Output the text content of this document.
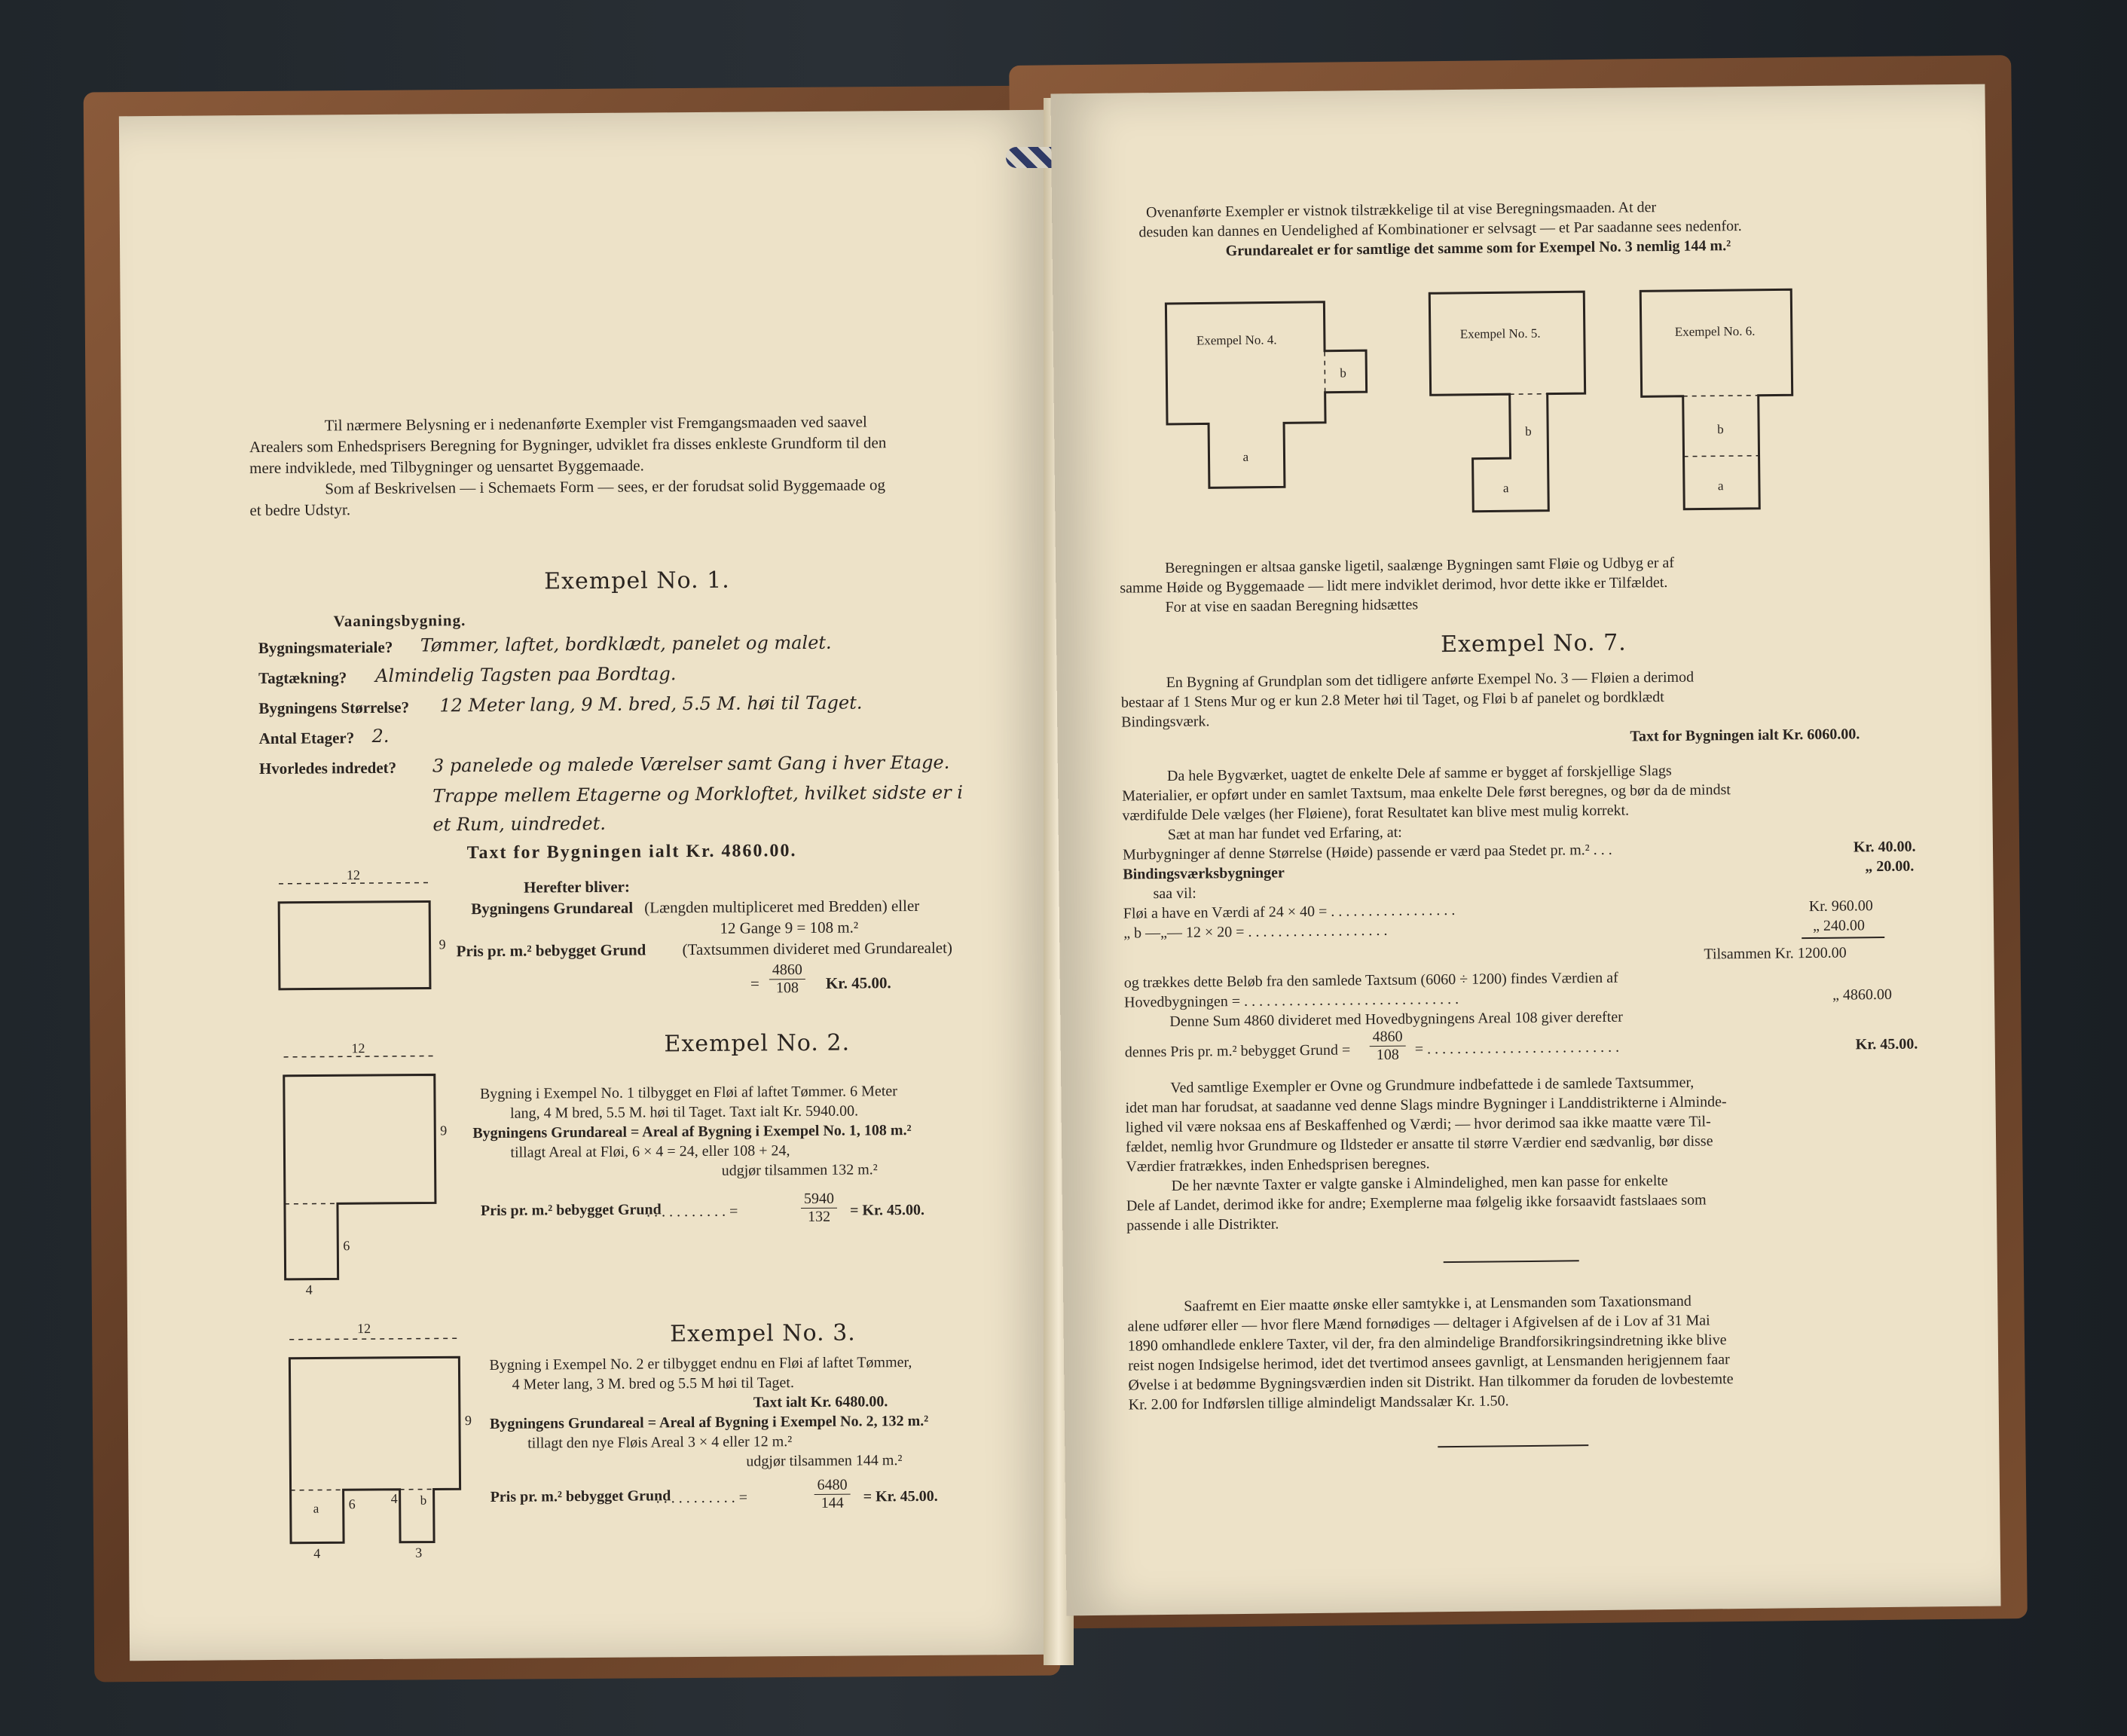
Til nærmere Belysning er i nedenanførte Exempler vist Fremgangsmaaden ved saavel

Arealers som Enhedsprisers Beregning for Bygninger, udviklet fra disses enkleste Grundform til den

mere indviklede, med Tilbygninger og uensartet Byggemaade.

Som af Beskrivelsen — i Schemaets Form — sees, er der forudsat solid Byggemaade og

et bedre Udstyr.

Exempel No. 1.

Vaaningsbygning.

Bygningsmateriale? Tømmer, laftet, bordklædt, panelet og malet.

Tagtækning? Almindelig Tagsten paa Bordtag.

Bygningens Størrelse? 12 Meter lang, 9 M. bred, 5.5 M. høi til Taget.

Antal Etager? 2.

Hvorledes indredet? 3 panelede og malede Værelser samt Gang i hver Etage.

Trappe mellem Etagerne og Morkloftet, hvilket sidste er i

et Rum, uindredet.

Taxt for Bygningen ialt Kr. 4860.00.

12
9

Herefter bliver:

Bygningens Grundareal (Længden multipliceret med Bredden) eller

12 Gange 9 = 108 m.²

Pris pr. m.² bebygget Grund (Taxtsummen divideret med Grundarealet)

= $\frac{4860}{108} Kr$. 45.00.

Exempel No. 2.

12
9
6
4

Bygning i Exempel No. 1 tilbygget en Fløi af laftet Tømmer. 6 Meter

lang, 4 M bred, 5.5 M. høi til Taget. Taxt ialt Kr. 5940.00.

Bygningens Grundareal = Areal af Bygning i Exempel No. 1, 108 m.²

tillagt Areal at Fløi, 6 × 4 = 24, eller 108 + 24,

udgjør tilsammen 132 m.²

Pris pr. m.² bebygget Grund

. . . . . . . . . . . =	$\frac{5940}{132} = Kr$. 45.00.

Exempel No. 3.

12
9
6	4
4	3
a
b

Bygning i Exempel No. 2 er tilbygget endnu en Fløi af laftet Tømmer,

4 Meter lang, 3 M. bred og 5.5 M høi til Taget.

Taxt ialt Kr. 6480.00.

Bygningens Grundareal = Areal af Bygning i Exempel No. 2, 132 m.²

tillagt den nye Fløis Areal 3 × 4 eller 12 m.²

udgjør tilsammen 144 m.²

Pris pr. m.² bebygget Grund

. . . . . . . . . . . =	$\frac{6480}{144} = Kr$. 45.00.

Ovenanførte Exempler er vistnok tilstrækkelige til at vise Beregningsmaaden. At der

desuden kan dannes en Uendelighed af Kombinationer er selvsagt — et Par saadanne sees nedenfor.

Grundarealet er for samtlige det samme som for Exempel No. 3 nemlig 144 m.²

Exempel No. 4.
b
a
Exempel No. 5.
b
a
Exempel No. 6.
b
a

Beregningen er altsaa ganske ligetil, saalænge Bygningen samt Fløie og Udbyg er af

samme Høide og Byggemaade — lidt mere indviklet derimod, hvor dette ikke er Tilfældet.

For at vise en saadan Beregning hidsættes

Exempel No. 7.

En Bygning af Grundplan som det tidligere anførte Exempel No. 3 — Fløien a derimod

bestaar af 1 Stens Mur og er kun 2.8 Meter høi til Taget, og Fløi b af panelet og bordklædt

Bindingsværk.

Taxt for Bygningen ialt Kr. 6060.00.

Da hele Bygværket, uagtet de enkelte Dele af samme er bygget af forskjellige Slags

Materialier, er opført under en samlet Taxtsum, maa enkelte Dele først beregnes, og bør da de mindst

værdifulde Dele vælges (her Fløiene), forat Resultatet kan blive mest mulig korrekt.

Sæt at man har fundet ved Erfaring, at:

Murbygninger af denne Størrelse (Høide) passende er værd paa Stedet pr. m.² . . .	Kr. 40.00.

Bindingsværksbygninger	„ 20.00.

saa vil:

Fløi a have en Værdi af 24 × 40 = . . . . . . . . . . . . . . . . .	Kr. 960.00

„ b —„— 12 × 20 = . . . . . . . . . . . . . . . . . . .	„ 240.00

Tilsammen Kr. 1200.00

og trækkes dette Beløb fra den samlede Taxtsum (6060 ÷ 1200) findes Værdien af

Hovedbygningen = . . . . . . . . . . . . . . . . . . . . . . . . . . . . .	„ 4860.00

Denne Sum 4860 divideret med Hovedbygningens Areal 108 giver derefter

dennes Pris pr. m.² bebygget Grund = $\frac{4860}{108}$ = . . . . . . . . . . . . . . . . . . . . . . . . . .	Kr. 45.00.

Ved samtlige Exempler er Ovne og Grundmure indbefattede i de samlede Taxtsummer,

idet man har forudsat, at saadanne ved denne Slags mindre Bygninger i Landdistrikterne i Alminde-

lighed vil være noksaa ens af Beskaffenhed og Værdi; — hvor derimod saa ikke maatte være Til-

fældet, nemlig hvor Grundmure og Ildsteder er ansatte til større Værdier end sædvanlig, bør disse

Værdier fratrækkes, inden Enhedsprisen beregnes.

De her nævnte Taxter er valgte ganske i Almindelighed, men kan passe for enkelte

Dele af Landet, derimod ikke for andre; Exemplerne maa følgelig ikke forsaavidt fastslaaes som

passende i alle Distrikter.

Saafremt en Eier maatte ønske eller samtykke i, at Lensmanden som Taxationsmand

alene udfører eller — hvor flere Mænd fornødiges — deltager i Afgivelsen af de i Lov af 31 Mai

1890 omhandlede enklere Taxter, vil der, fra den almindelige Brandforsikringsindretning ikke blive

reist nogen Indsigelse herimod, idet det tvertimod ansees gavnligt, at Lensmanden herigjennem faar

Øvelse i at bedømme Bygningsværdien inden sit Distrikt. Han tilkommer da foruden de lovbestemte

Kr. 2.00 for Indførslen tillige almindeligt Mandssalær Kr. 1.50.
